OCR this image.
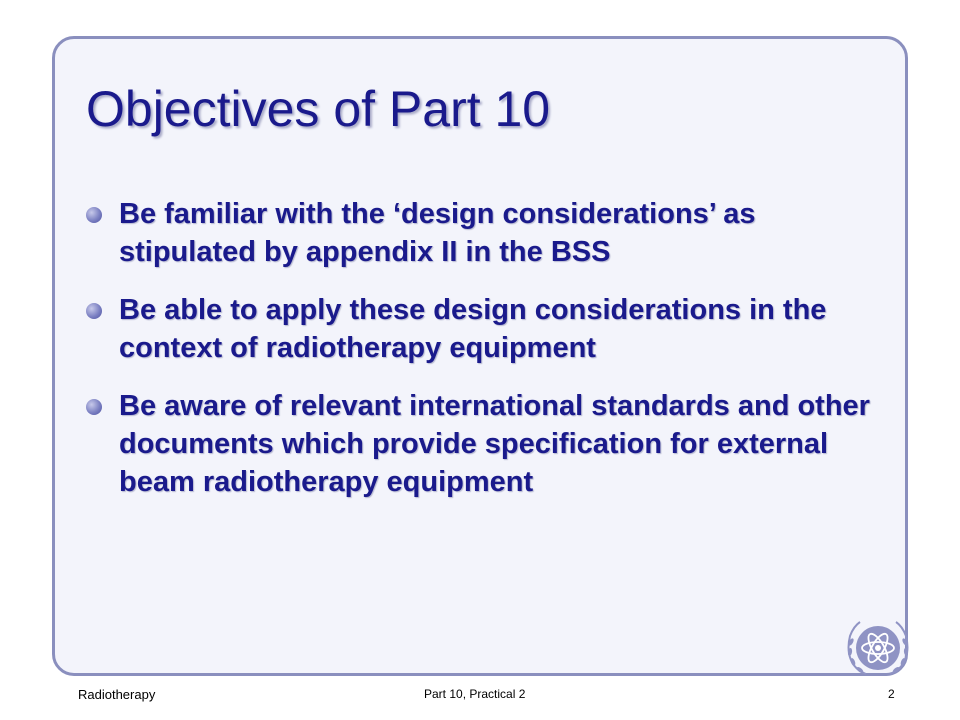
Objectives of Part 10
Be familiar with the ‘design considerations’ as stipulated by appendix II in the BSS
Be able to apply these design considerations in the context of radiotherapy equipment
Be aware of relevant international standards and other documents which provide specification for external beam radiotherapy equipment
Radiotherapy	Part 10, Practical 2	2
